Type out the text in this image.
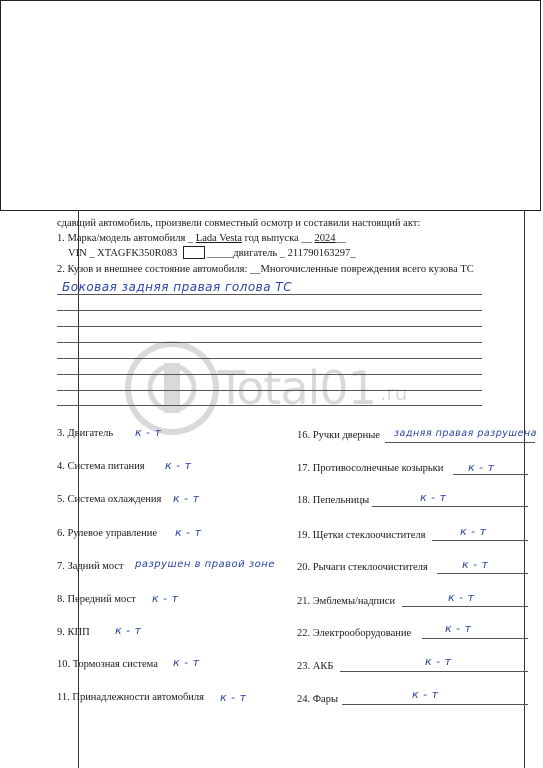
Total01 .ru
сдавщий автомобиль, произвели совместный осмотр и составили настоящий акт:
1. Марка/модель автомобиля _ Lada Vesta год выпуска __ 2024__
VIN _ XTAGFK350R083	_____двигатель _ 211790163297_
2. Кузов и внешнее состояние автомобиля: __Многочисленные повреждения всего кузова ТС
Боковая задняя правая голова ТС
3. Двигатель к - т
4. Система питания к - т
5. Система охлаждения к - т
6. Рулевое управление к - т
7. Задний мост разрушен в правой зоне
8. Передний мост к - т
9. КПП к - т
10. Тормозная система к - т
11. Принадлежности автомобиля к - т
16. Ручки дверные задняя правая разрушена
17. Противосолнечные козырьки к - т
18. Пепельницы	к - т
19. Щетки стеклоочистителя	к - т
20. Рычаги стеклоочистителя	к - т
21. Эмблемы/надписи	к - т
22. Электрооборудование	к - т
23. АКБ	к - т
24. Фары	к - т
